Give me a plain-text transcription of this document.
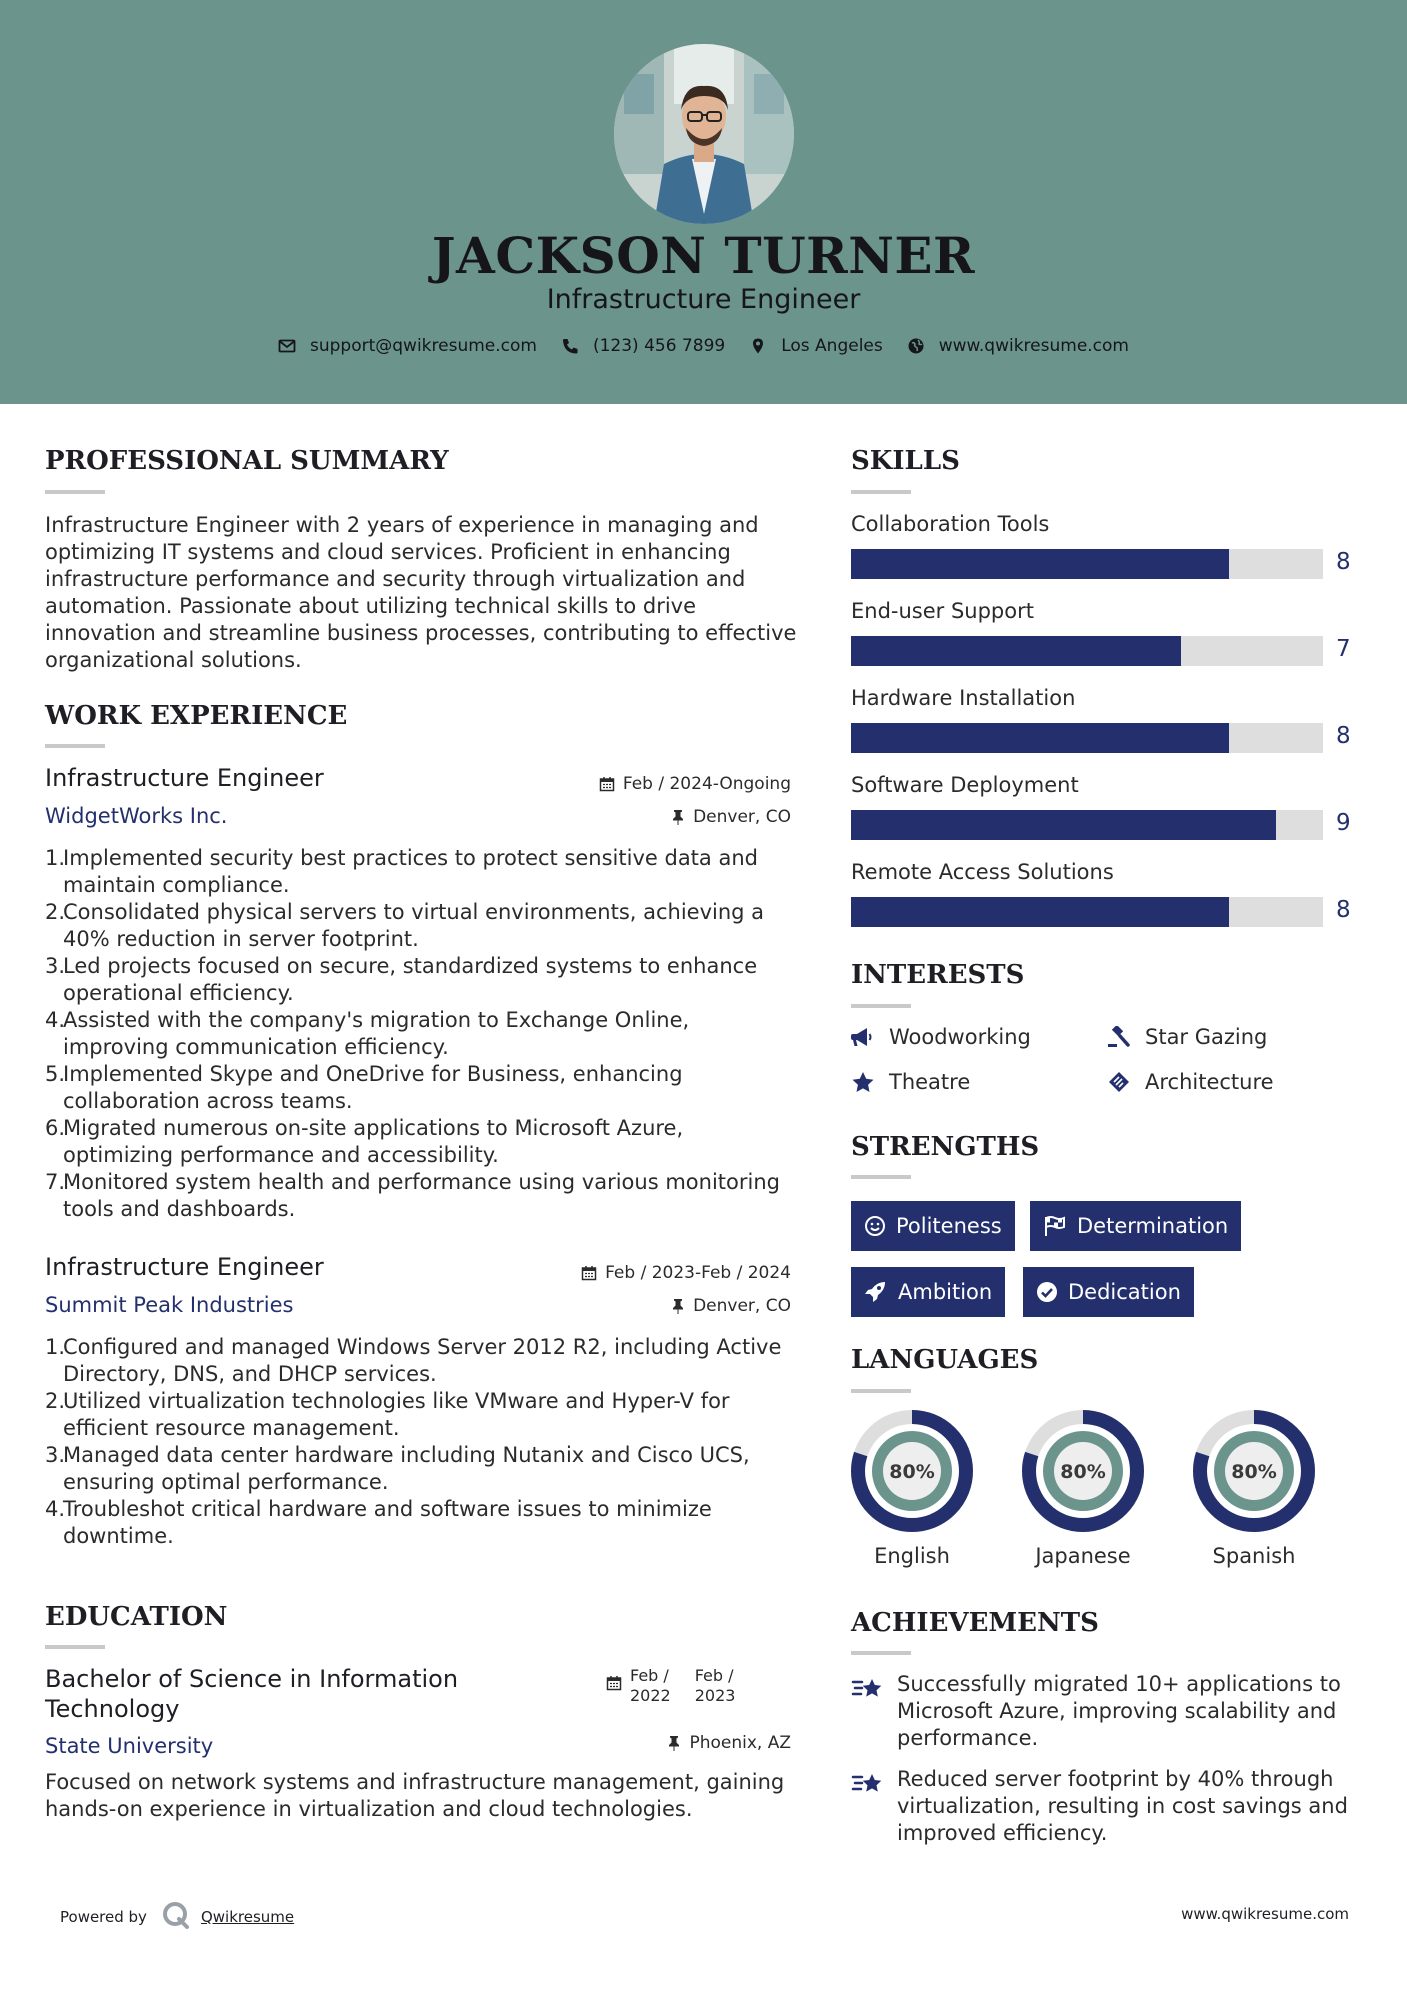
JACKSON TURNER
Infrastructure Engineer
support@qwikresume.com	(123) 456 7899	Los Angeles	www.qwikresume.com
PROFESSIONAL SUMMARY
Infrastructure Engineer with 2 years of experience in managing and
optimizing IT systems and cloud services. Proficient in enhancing
infrastructure performance and security through virtualization and
automation. Passionate about utilizing technical skills to drive
innovation and streamline business processes, contributing to effective
organizational solutions.
WORK EXPERIENCE
Infrastructure Engineer	Feb / 2024-Ongoing
WidgetWorks Inc.	Denver, CO
1.
Implemented security best practices to protect sensitive data and
maintain compliance.
2.
Consolidated physical servers to virtual environments, achieving a
40% reduction in server footprint.
3.
Led projects focused on secure, standardized systems to enhance
operational efficiency.
4.
Assisted with the company's migration to Exchange Online,
improving communication efficiency.
5.
Implemented Skype and OneDrive for Business, enhancing
collaboration across teams.
6.
Migrated numerous on-site applications to Microsoft Azure,
optimizing performance and accessibility.
7.
Monitored system health and performance using various monitoring
tools and dashboards.
Infrastructure Engineer	Feb / 2023-Feb / 2024
Summit Peak Industries	Denver, CO
1.
Configured and managed Windows Server 2012 R2, including Active
Directory, DNS, and DHCP services.
2.
Utilized virtualization technologies like VMware and Hyper-V for
efficient resource management.
3.
Managed data center hardware including Nutanix and Cisco UCS,
ensuring optimal performance.
4.
Troubleshot critical hardware and software issues to minimize
downtime.
EDUCATION
Bachelor of Science in Information
Technology
Feb /
2022
Feb /
2023
State University	Phoenix, AZ
Focused on network systems and infrastructure management, gaining
hands-on experience in virtualization and cloud technologies.
SKILLS
Collaboration Tools
8
End-user Support
7
Hardware Installation
8
Software Deployment
9
Remote Access Solutions
8
INTERESTS
Woodworking	Star Gazing
Theatre	Architecture
STRENGTHS
Politeness	Determination
Ambition	Dedication
LANGUAGES
80%
English
80%
Japanese
80%
Spanish
ACHIEVEMENTS
Successfully migrated 10+ applications to
Microsoft Azure, improving scalability and
performance.
Reduced server footprint by 40% through
virtualization, resulting in cost savings and
improved efficiency.
Powered by	Qwikresume	www.qwikresume.com
